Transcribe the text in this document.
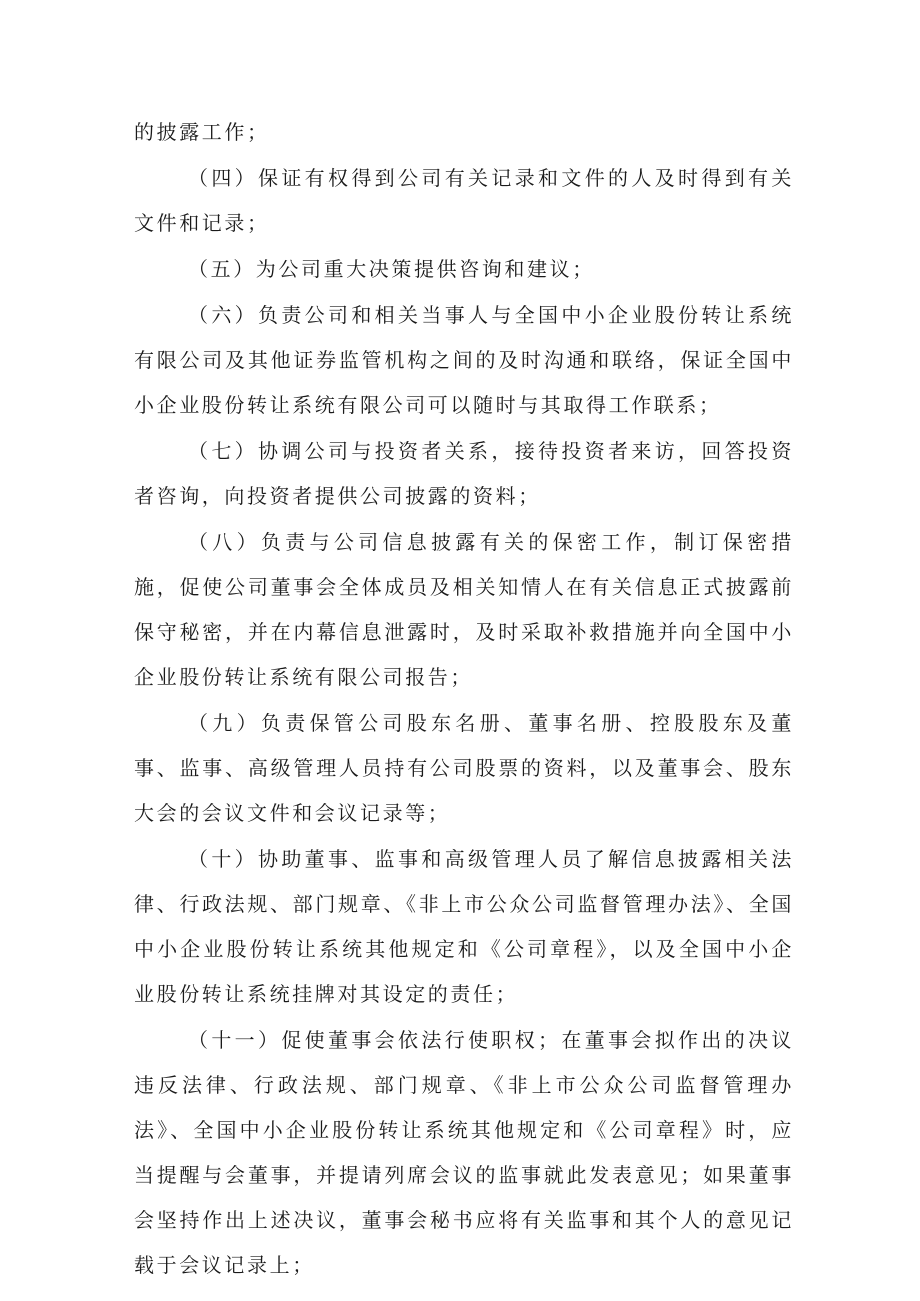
的披露工作；

（四）保证有权得到公司有关记录和文件的人及时得到有关文件和记录；

（五）为公司重大决策提供咨询和建议；

（六）负责公司和相关当事人与全国中小企业股份转让系统有限公司及其他证券监管机构之间的及时沟通和联络，保证全国中小企业股份转让系统有限公司可以随时与其取得工作联系；

（七）协调公司与投资者关系，接待投资者来访，回答投资者咨询，向投资者提供公司披露的资料；

（八）负责与公司信息披露有关的保密工作，制订保密措施，促使公司董事会全体成员及相关知情人在有关信息正式披露前保守秘密，并在内幕信息泄露时，及时采取补救措施并向全国中小企业股份转让系统有限公司报告；

（九）负责保管公司股东名册、董事名册、控股股东及董事、监事、高级管理人员持有公司股票的资料，以及董事会、股东大会的会议文件和会议记录等；

（十）协助董事、监事和高级管理人员了解信息披露相关法律、行政法规、部门规章、《非上市公众公司监督管理办法》、全国中小企业股份转让系统其他规定和《公司章程》，以及全国中小企业股份转让系统挂牌对其设定的责任；

（十一）促使董事会依法行使职权；在董事会拟作出的决议违反法律、行政法规、部门规章、《非上市公众公司监督管理办法》、全国中小企业股份转让系统其他规定和《公司章程》时，应当提醒与会董事，并提请列席会议的监事就此发表意见；如果董事会坚持作出上述决议，董事会秘书应将有关监事和其个人的意见记载于会议记录上；
